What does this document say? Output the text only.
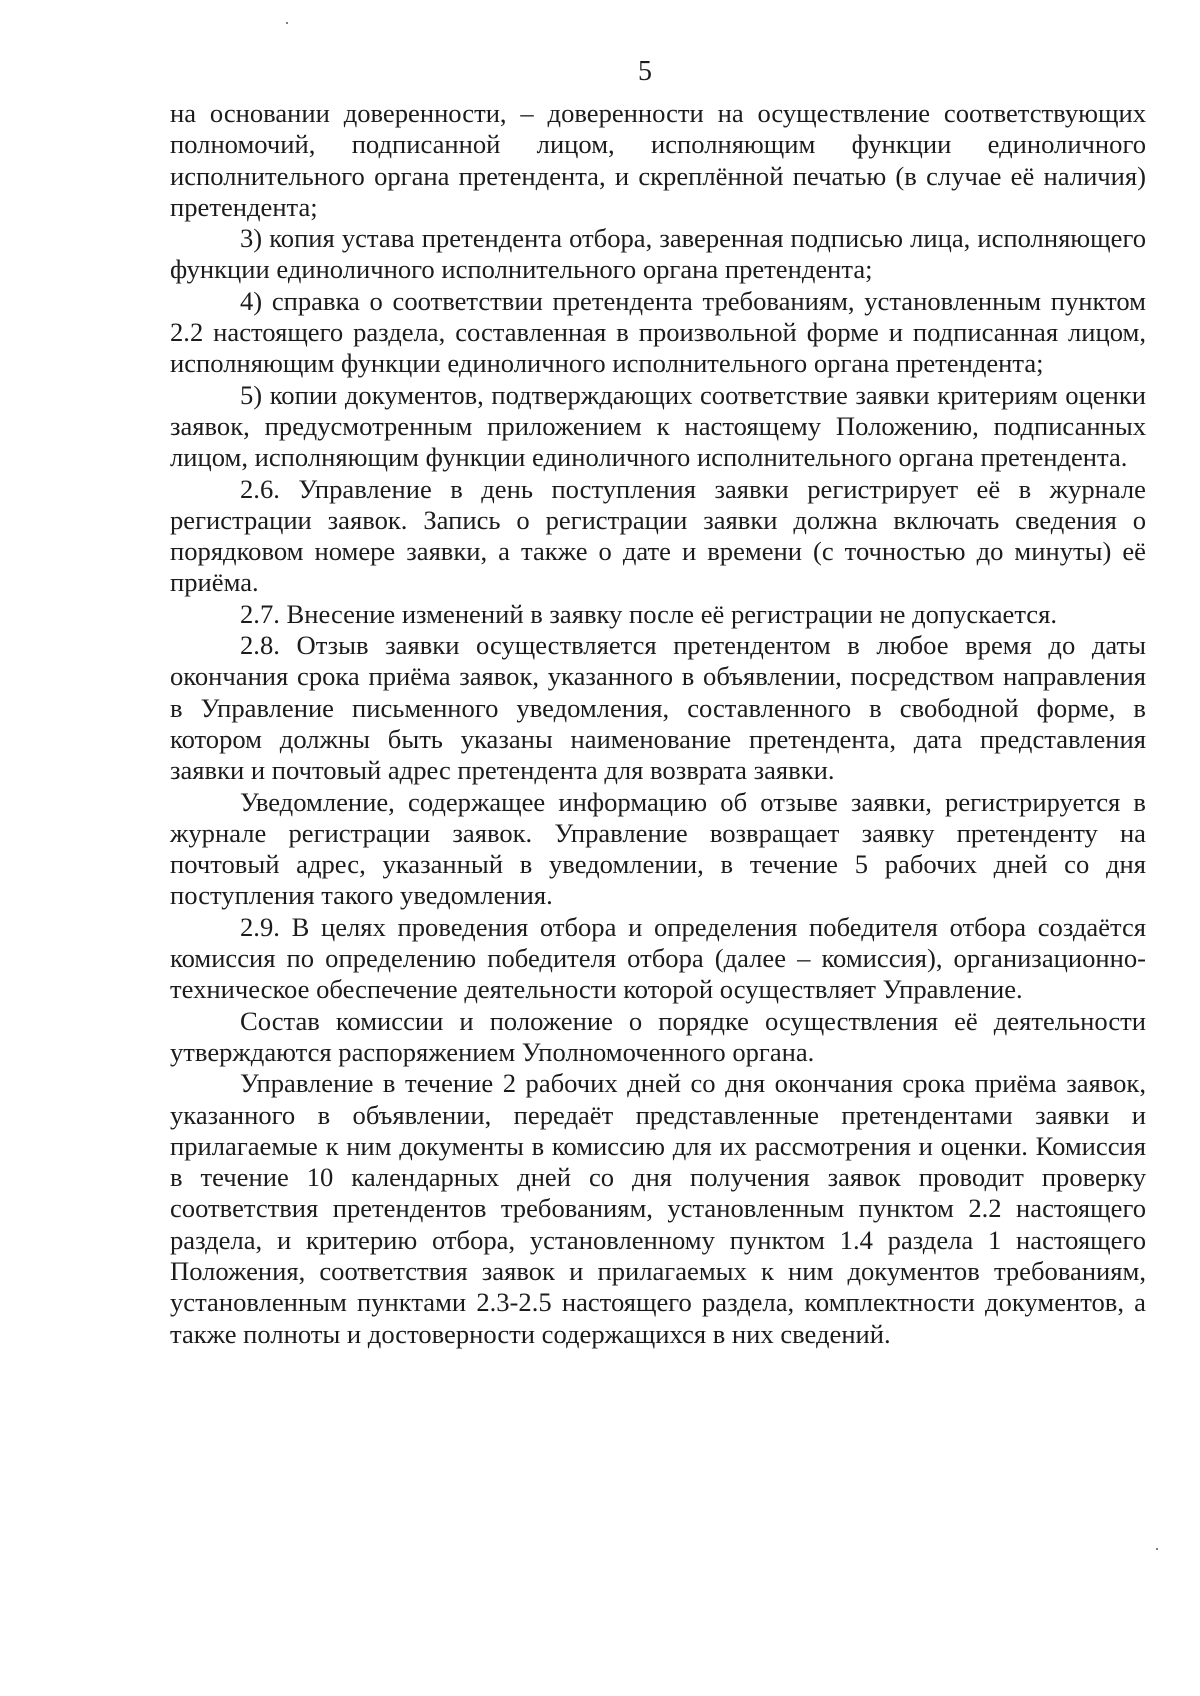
5

на основании доверенности, – доверенности на осуществление соответствующих полномочий, подписанной лицом, исполняющим функции единоличного исполнительного органа претендента, и скреплённой печатью (в случае её наличия) претендента;

3) копия устава претендента отбора, заверенная подписью лица, исполняющего функции единоличного исполнительного органа претендента;

4) справка о соответствии претендента требованиям, установленным пунктом 2.2 настоящего раздела, составленная в произвольной форме и подписанная лицом, исполняющим функции единоличного исполнительного органа претендента;

5) копии документов, подтверждающих соответствие заявки критериям оценки заявок, предусмотренным приложением к настоящему Положению, подписанных лицом, исполняющим функции единоличного исполнительного органа претендента.

2.6. Управление в день поступления заявки регистрирует её в журнале регистрации заявок. Запись о регистрации заявки должна включать сведения о порядковом номере заявки, а также о дате и времени (с точностью до минуты) её приёма.

2.7. Внесение изменений в заявку после её регистрации не допускается.

2.8. Отзыв заявки осуществляется претендентом в любое время до даты окончания срока приёма заявок, указанного в объявлении, посредством направления в Управление письменного уведомления, составленного в свободной форме, в котором должны быть указаны наименование претендента, дата представления заявки и почтовый адрес претендента для возврата заявки.

Уведомление, содержащее информацию об отзыве заявки, регистрируется в журнале регистрации заявок. Управление возвращает заявку претенденту на почтовый адрес, указанный в уведомлении, в течение 5 рабочих дней со дня поступления такого уведомления.

2.9. В целях проведения отбора и определения победителя отбора создаётся комиссия по определению победителя отбора (далее – комиссия), организационно-техническое обеспечение деятельности которой осуществляет Управление.

Состав комиссии и положение о порядке осуществления её деятельности утверждаются распоряжением Уполномоченного органа.

Управление в течение 2 рабочих дней со дня окончания срока приёма заявок, указанного в объявлении, передаёт представленные претендентами заявки и прилагаемые к ним документы в комиссию для их рассмотрения и оценки. Комиссия в течение 10 календарных дней со дня получения заявок проводит проверку соответствия претендентов требованиям, установленным пунктом 2.2 настоящего раздела, и критерию отбора, установленному пунктом 1.4 раздела 1 настоящего Положения, соответствия заявок и прилагаемых к ним документов требованиям, установленным пунктами 2.3-2.5 настоящего раздела, комплектности документов, а также полноты и достоверности содержащихся в них сведений.
